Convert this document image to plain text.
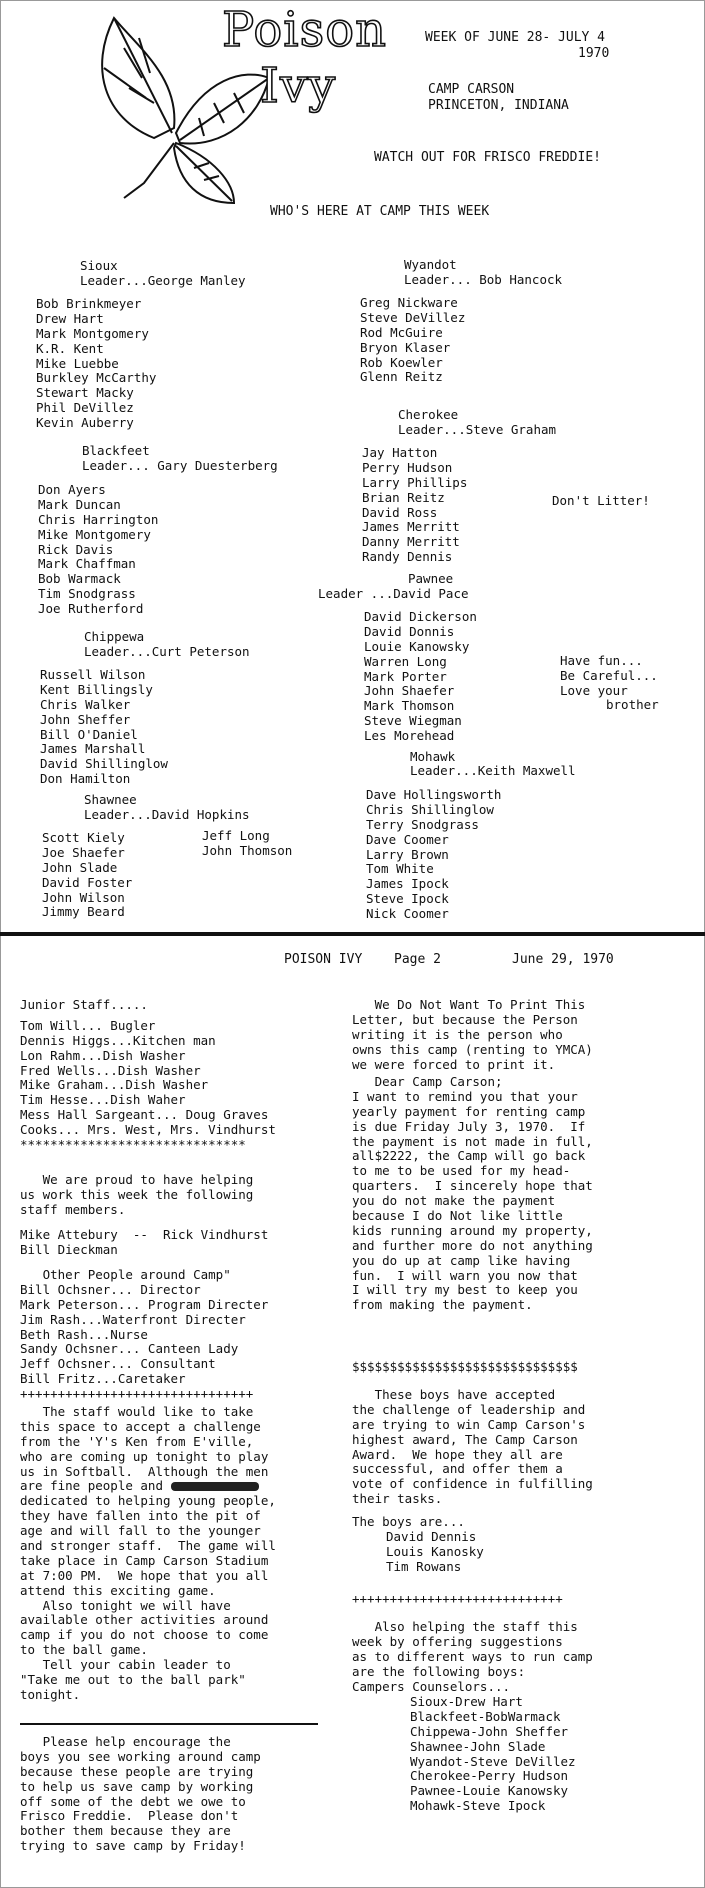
Poison
Ivy
WEEK OF JUNE 28- JULY 4
1970
CAMP CARSON
PRINCETON, INDIANA
WATCH OUT FOR FRISCO FREDDIE!
WHO'S HERE AT CAMP THIS WEEK
Sioux
Leader...George Manley
Bob Brinkmeyer
Drew Hart
Mark Montgomery
K.R. Kent
Mike Luebbe
Burkley McCarthy
Stewart Macky
Phil DeVillez
Kevin Auberry
Blackfeet
Leader... Gary Duesterberg
Don Ayers
Mark Duncan
Chris Harrington
Mike Montgomery
Rick Davis
Mark Chaffman
Bob Warmack
Tim Snodgrass
Joe Rutherford
Chippewa
Leader...Curt Peterson
Russell Wilson
Kent Billingsly
Chris Walker
John Sheffer
Bill O'Daniel
James Marshall
David Shillinglow
Don Hamilton
Shawnee
Leader...David Hopkins
Scott Kiely
Joe Shaefer
John Slade
David Foster
John Wilson
Jimmy Beard
Jeff Long
John Thomson
Wyandot
Leader... Bob Hancock
Greg Nickware
Steve DeVillez
Rod McGuire
Bryon Klaser
Rob Koewler
Glenn Reitz
Cherokee
Leader...Steve Graham
Jay Hatton
Perry Hudson
Larry Phillips
Brian Reitz
David Ross
James Merritt
Danny Merritt
Randy Dennis
Don't Litter!
Pawnee
Leader ...David Pace
David Dickerson
David Donnis
Louie Kanowsky
Warren Long
Mark Porter
John Shaefer
Mark Thomson
Steve Wiegman
Les Morehead
Have fun...
Be Careful...
Love your
brother
Mohawk
Leader...Keith Maxwell
Dave Hollingsworth
Chris Shillinglow
Terry Snodgrass
Dave Coomer
Larry Brown
Tom White
James Ipock
Steve Ipock
Nick Coomer
POISON IVY Page 2	June 29, 1970
Junior Staff.....
Tom Will... Bugler
Dennis Higgs...Kitchen man
Lon Rahm...Dish Washer
Fred Wells...Dish Washer
Mike Graham...Dish Washer
Tim Hesse...Dish Waher
Mess Hall Sargeant... Doug Graves
Cooks... Mrs. West, Mrs. Vindhurst
******************************
We are proud to have helping
us work this week the following
staff members.
Mike Attebury  --  Rick Vindhurst
Bill Dieckman
Other People around Camp"
Bill Ochsner... Director
Mark Peterson... Program Directer
Jim Rash...Waterfront Directer
Beth Rash...Nurse
Sandy Ochsner... Canteen Lady
Jeff Ochsner... Consultant
Bill Fritz...Caretaker
+++++++++++++++++++++++++++++++
The staff would like to take
this space to accept a challenge
from the 'Y's Ken from E'ville,
who are coming up tonight to play
us in Softball.  Although the men
are fine people and
dedicated to helping young people,
they have fallen into the pit of
age and will fall to the younger
and stronger staff.  The game will
take place in Camp Carson Stadium
at 7:00 PM.  We hope that you all
attend this exciting game.
Also tonight we will have
available other activities around
camp if you do not choose to come
to the ball game.
Tell your cabin leader to
"Take me out to the ball park"
tonight.
Please help encourage the
boys you see working around camp
because these people are trying
to help us save camp by working
off some of the debt we owe to
Frisco Freddie.  Please don't
bother them because they are
trying to save camp by Friday!
We Do Not Want To Print This
Letter, but because the Person
writing it is the person who
owns this camp (renting to YMCA)
we were forced to print it.
Dear Camp Carson;
I want to remind you that your
yearly payment for renting camp
is due Friday July 3, 1970.  If
the payment is not made in full,
all$2222, the Camp will go back
to me to be used for my head-
quarters.  I sincerely hope that
you do not make the payment
because I do Not like little
kids running around my property,
and further more do not anything
you do up at camp like having
fun.  I will warn you now that
I will try my best to keep you
from making the payment.
$$$$$$$$$$$$$$$$$$$$$$$$$$$$$$
These boys have accepted
the challenge of leadership and
are trying to win Camp Carson's
highest award, The Camp Carson
Award.  We hope they all are
successful, and offer them a
vote of confidence in fulfilling
their tasks.
The boys are...
David Dennis
Louis Kanosky
Tim Rowans
++++++++++++++++++++++++++++
Also helping the staff this
week by offering suggestions
as to different ways to run camp
are the following boys:
Campers Counselors...
Sioux-Drew Hart
Blackfeet-BobWarmack
Chippewa-John Sheffer
Shawnee-John Slade
Wyandot-Steve DeVillez
Cherokee-Perry Hudson
Pawnee-Louie Kanowsky
Mohawk-Steve Ipock
